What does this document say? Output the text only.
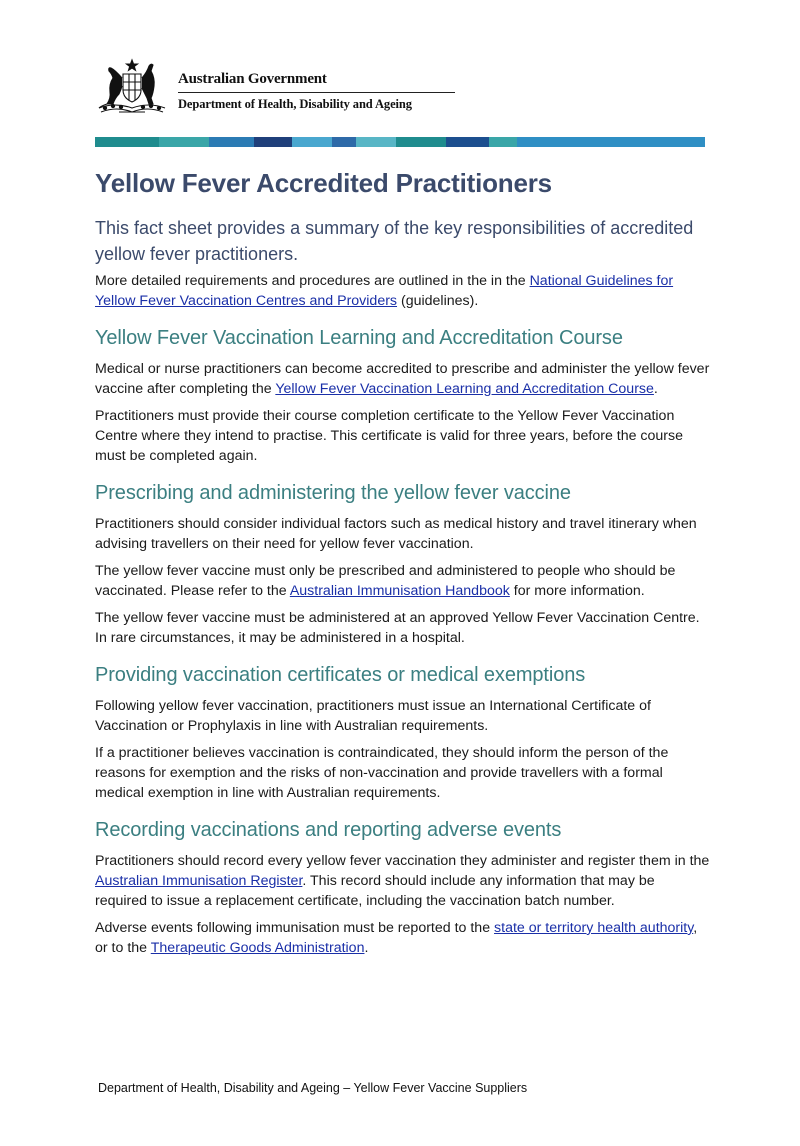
Australian Government
Department of Health, Disability and Ageing
Yellow Fever Accredited Practitioners
This fact sheet provides a summary of the key responsibilities of accredited yellow fever practitioners.

More detailed requirements and procedures are outlined in the in the National Guidelines for Yellow Fever Vaccination Centres and Providers (guidelines).

Yellow Fever Vaccination Learning and Accreditation Course

Medical or nurse practitioners can become accredited to prescribe and administer the yellow fever vaccine after completing the Yellow Fever Vaccination Learning and Accreditation Course.

Practitioners must provide their course completion certificate to the Yellow Fever Vaccination Centre where they intend to practise. This certificate is valid for three years, before the course must be completed again.

Prescribing and administering the yellow fever vaccine

Practitioners should consider individual factors such as medical history and travel itinerary when advising travellers on their need for yellow fever vaccination.

The yellow fever vaccine must only be prescribed and administered to people who should be vaccinated. Please refer to the Australian Immunisation Handbook for more information.

The yellow fever vaccine must be administered at an approved Yellow Fever Vaccination Centre. In rare circumstances, it may be administered in a hospital.

Providing vaccination certificates or medical exemptions

Following yellow fever vaccination, practitioners must issue an International Certificate of Vaccination or Prophylaxis in line with Australian requirements.

If a practitioner believes vaccination is contraindicated, they should inform the person of the reasons for exemption and the risks of non-vaccination and provide travellers with a formal medical exemption in line with Australian requirements.

Recording vaccinations and reporting adverse events

Practitioners should record every yellow fever vaccination they administer and register them in the Australian Immunisation Register. This record should include any information that may be required to issue a replacement certificate, including the vaccination batch number.

Adverse events following immunisation must be reported to the state or territory health authority, or to the Therapeutic Goods Administration.

Department of Health, Disability and Ageing – Yellow Fever Vaccine Suppliers
